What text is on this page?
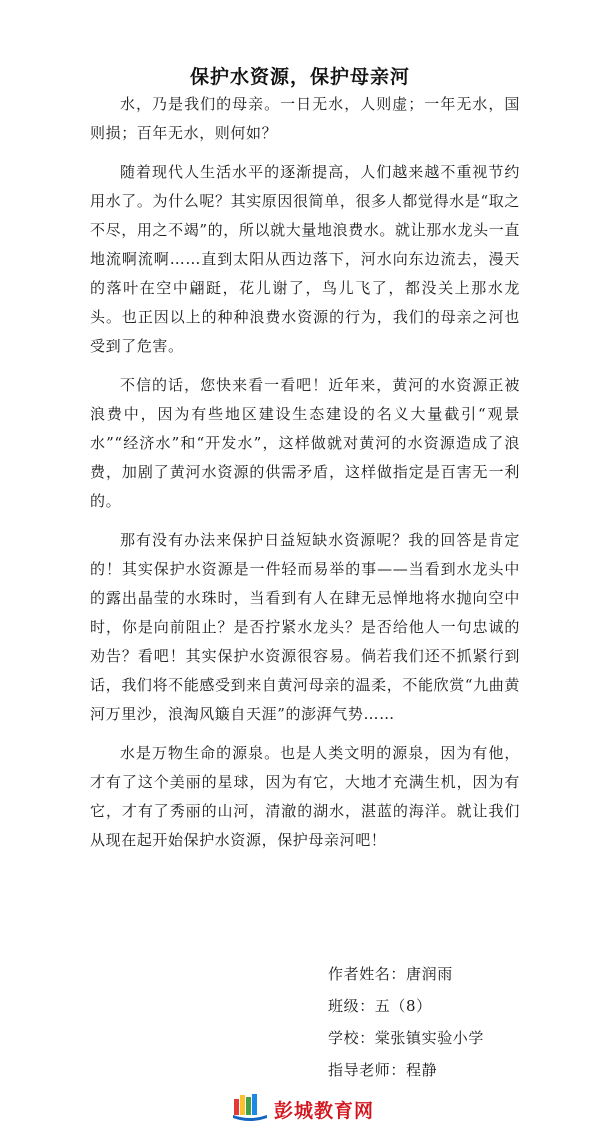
保护水资源，保护母亲河

水，乃是我们的母亲。一日无水，人则虚；一年无水，国则损；百年无水，则何如？

随着现代人生活水平的逐渐提高，人们越来越不重视节约用水了。为什么呢？其实原因很简单，很多人都觉得水是“取之不尽，用之不竭”的，所以就大量地浪费水。就让那水龙头一直地流啊流啊……直到太阳从西边落下，河水向东边流去，漫天的落叶在空中翩跹，花儿谢了，鸟儿飞了，都没关上那水龙头。也正因以上的种种浪费水资源的行为，我们的母亲之河也受到了危害。

不信的话，您快来看一看吧！近年来，黄河的水资源正被浪费中，因为有些地区建设生态建设的名义大量截引“观景水”“经济水”和“开发水”，这样做就对黄河的水资源造成了浪费，加剧了黄河水资源的供需矛盾，这样做指定是百害无一利的。

那有没有办法来保护日益短缺水资源呢？我的回答是肯定的！其实保护水资源是一件轻而易举的事——当看到水龙头中的露出晶莹的水珠时，当看到有人在肆无忌惮地将水抛向空中时，你是向前阻止？是否拧紧水龙头？是否给他人一句忠诚的劝告？看吧！其实保护水资源很容易。倘若我们还不抓紧行到话，我们将不能感受到来自黄河母亲的温柔，不能欣赏“九曲黄河万里沙，浪淘风簸自天涯”的澎湃气势……

水是万物生命的源泉。也是人类文明的源泉，因为有他，才有了这个美丽的星球，因为有它，大地才充满生机，因为有它，才有了秀丽的山河，清澈的湖水，湛蓝的海洋。就让我们从现在起开始保护水资源，保护母亲河吧！

作者姓名：唐润雨
班级：五（8）
学校：棠张镇实验小学
指导老师：程静
彭城教育网
